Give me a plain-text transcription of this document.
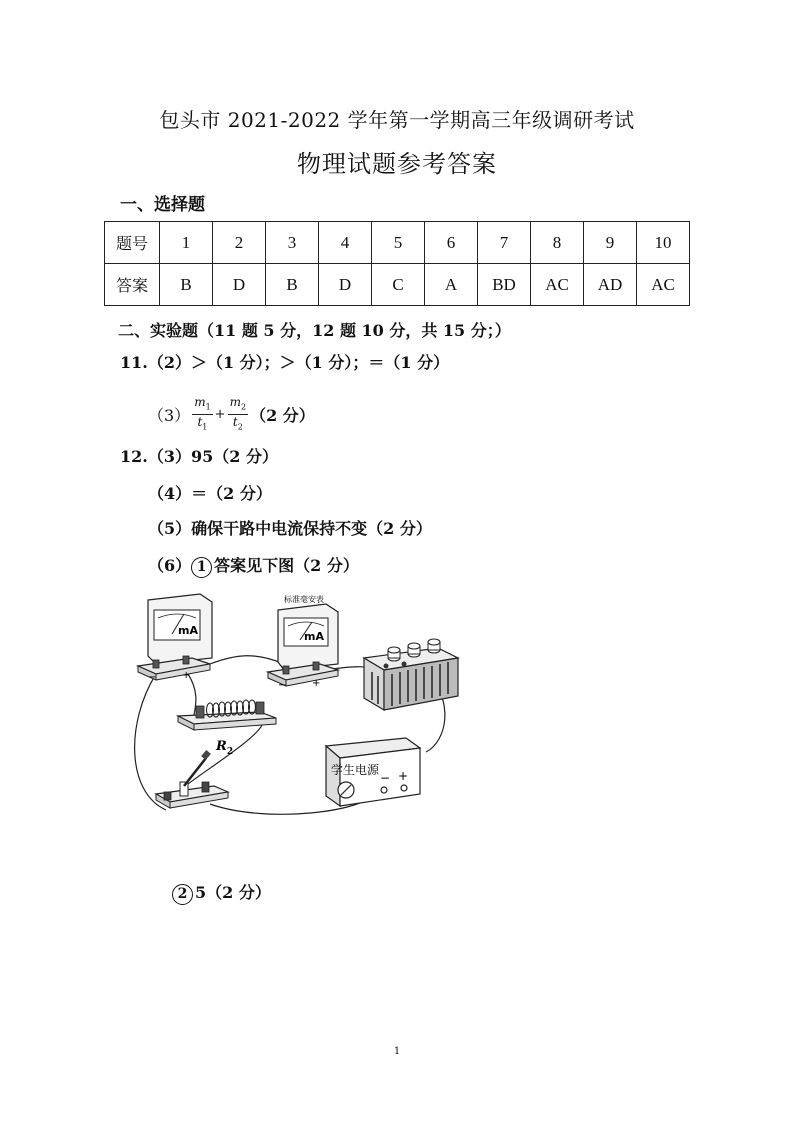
包头市 2021-2022 学年第一学期高三年级调研考试
物理试题参考答案
一、选择题
题号	1	2	3	4	5	6	7	8	9	10
答案	B	D	B	D	C	A	BD	AC	AD	AC
二、实验题（11 题 5 分，12 题 10 分，共 15 分；）
11.（2）＞（1 分）；＞（1 分）；＝（1 分）
$(3) \frac{m_1}{t_1} + \frac{m_2}{t_2} (2$ 分）
12.（3）95（2 分）
（4）＝（2 分）
（5）确保干路中电流保持不变（2 分）
（6） 1 答案见下图（2 分）
mA
−	+
标准毫安表
mA
−	+
$R_2$
学生电源
− +
2 5（2 分）
1
